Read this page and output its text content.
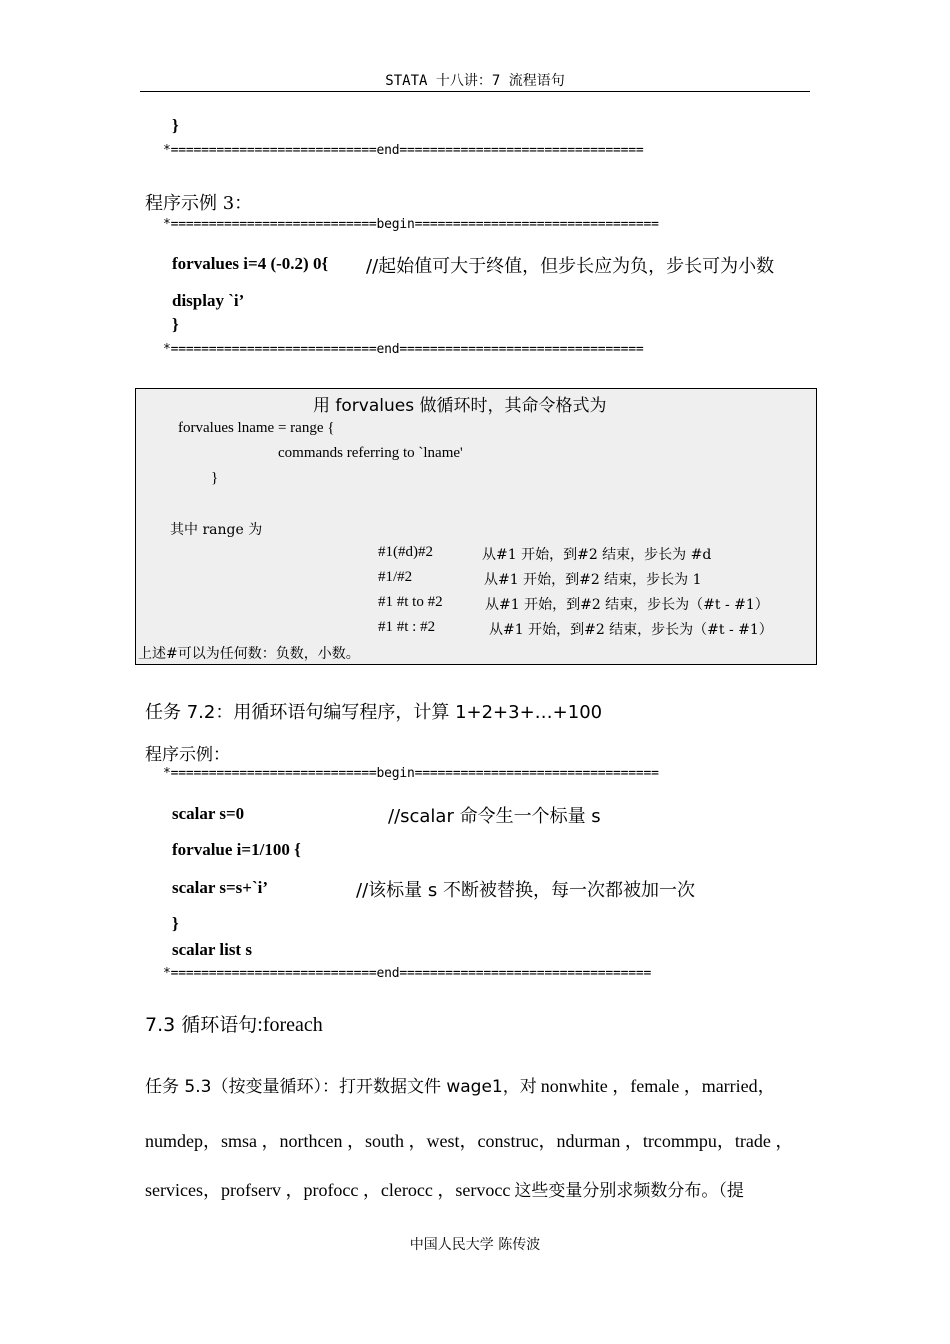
STATA 十八讲：7 流程语句
}
*===========================end================================
程序示例 3：
*===========================begin================================
forvalues i=4 (-0.2) 0{ //起始值可大于终值，但步长应为负，步长可为小数
display `i’
}
*===========================end================================
用 forvalues 做循环时，其命令格式为
forvalues lname = range {
commands referring to `lname'
}
其中 range 为
#1(#d)#2	从#1 开始，到#2 结束，步长为 #d
#1/#2	从#1 开始，到#2 结束，步长为 1
#1 #t to #2	从#1 开始，到#2 结束，步长为（#t - #1）
#1 #t : #2	从#1 开始，到#2 结束，步长为（#t - #1）
上述#可以为任何数：负数，小数。
任务 7.2：用循环语句编写程序，计算 1+2+3+…+100
程序示例：
*===========================begin================================
scalar s=0	//scalar 命令生一个标量 s
forvalue i=1/100 {
scalar s=s+`i’	//该标量 s 不断被替换，每一次都被加一次
}
scalar list s
*===========================end=================================
7.3 循环语句:foreach
任务 5.3（按变量循环）：打开数据文件 wage1，对 nonwhite ，female ，married，
numdep，smsa ，northcen ，south ，west，construc，ndurman ，trcommpu，trade ，
services，profserv ，profocc ，clerocc ，servocc 这些变量分别求频数分布。（提
中国人民大学 陈传波
